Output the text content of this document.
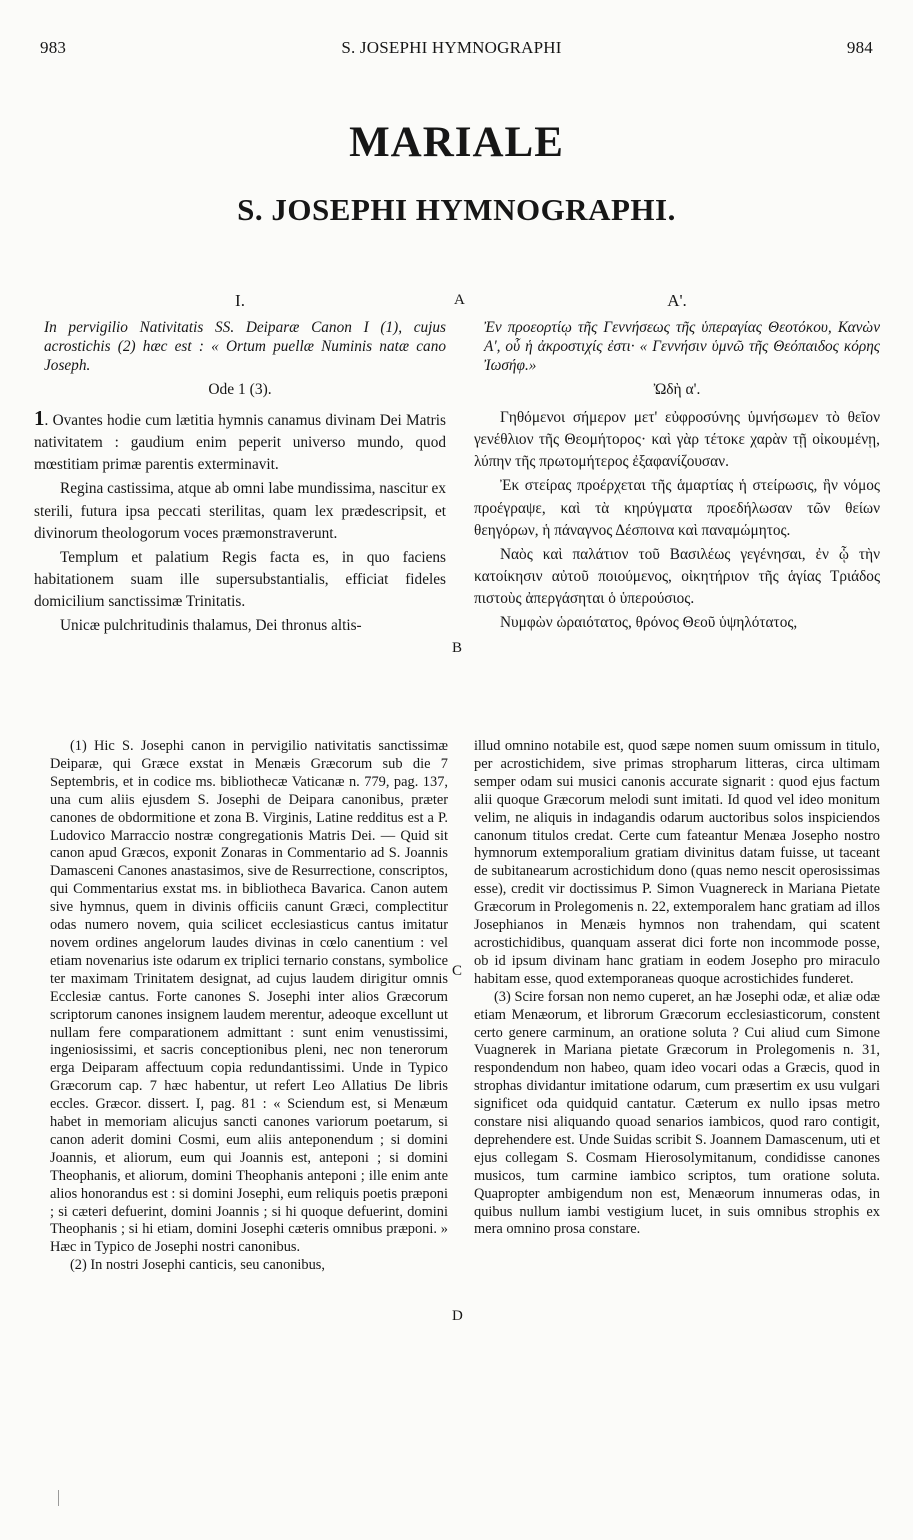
983	S. JOSEPHI HYMNOGRAPHI	984
MARIALE
S. JOSEPHI HYMNOGRAPHI.
A
B
C
D
I.
In pervigilio Nativitatis SS. Deiparæ Canon I (1), cujus acrostichis (2) hæc est : « Ortum puellæ Numinis natæ cano Joseph.
Ode 1 (3).

1. Ovantes hodie cum lætitia hymnis canamus divinam Dei Matris nativitatem : gaudium enim peperit universo mundo, quod mœstitiam primæ parentis exterminavit.

Regina castissima, atque ab omni labe mundissima, nascitur ex sterili, futura ipsa peccati sterilitas, quam lex prædescripsit, et divinorum theologorum voces præmonstraverunt.

Templum et palatium Regis facta es, in quo faciens habitationem suam ille supersubstantialis, efficiat fideles domicilium sanctissimæ Trinitatis.

Unicæ pulchritudinis thalamus, Dei thronus altis-

Α'.
Ἐν προεορτίῳ τῆς Γεννήσεως τῆς ὑπεραγίας Θεοτόκου, Κανὼν Α', οὗ ἡ ἀκροστιχίς ἐστι· « Γεννήσιν ὑμνῶ τῆς Θεόπαιδος κόρης Ἰωσήφ.»
Ὠδὴ α'.

Γηθόμενοι σήμερον μετ' εὐφροσύνης ὑμνήσωμεν τὸ θεῖον γενέθλιον τῆς Θεομήτορος· καὶ γὰρ τέτοκε χαρὰν τῇ οἰκουμένῃ, λύπην τῆς πρωτομήτερος ἐξαφανίζουσαν.

Ἐκ στείρας προέρχεται τῆς ἁμαρτίας ἡ στείρωσις, ἣν νόμος προέγραψε, καὶ τὰ κηρύγματα προεδήλωσαν τῶν θείων θεηγόρων, ἡ πάναγνος Δέσποινα καὶ παναμώμητος.

Ναὸς καὶ παλάτιον τοῦ Βασιλέως γεγένησαι, ἐν ᾧ τὴν κατοίκησιν αὐτοῦ ποιούμενος, οἰκητήριον τῆς ἁγίας Τριάδος πιστοὺς ἀπεργάσηται ὁ ὑπερούσιος.

Νυμφὼν ὡραιότατος, θρόνος Θεοῦ ὑψηλότατος,

(1) Hic S. Josephi canon in pervigilio nativitatis sanctissimæ Deiparæ, qui Græce exstat in Menæis Græcorum sub die 7 Septembris, et in codice ms. bibliothecæ Vaticanæ n. 779, pag. 137, una cum aliis ejusdem S. Josephi de Deipara canonibus, præter canones de obdormitione et zona B. Virginis, Latine redditus est a P. Ludovico Marraccio nostræ congregationis Matris Dei. — Quid sit canon apud Græcos, exponit Zonaras in Commentario ad S. Joannis Damasceni Canones anastasimos, sive de Resurrectione, conscriptos, qui Commentarius exstat ms. in bibliotheca Bavarica. Canon autem sive hymnus, quem in divinis officiis canunt Græci, complectitur odas numero novem, quia scilicet ecclesiasticus cantus imitatur novem ordines angelorum laudes divinas in cœlo canentium : vel etiam novenarius iste odarum ex triplici ternario constans, symbolice ter maximam Trinitatem designat, ad cujus laudem dirigitur omnis Ecclesiæ cantus. Forte canones S. Josephi inter alios Græcorum scriptorum canones insignem laudem merentur, adeoque excellunt ut nullam fere comparationem admittant : sunt enim venustissimi, ingeniosissimi, et sacris conceptionibus pleni, nec non tenerorum erga Deiparam affectuum copia redundantissimi. Unde in Typico Græcorum cap. 7 hæc habentur, ut refert Leo Allatius De libris eccles. Græcor. dissert. I, pag. 81 : « Sciendum est, si Menæum habet in memoriam alicujus sancti canones variorum poetarum, si canon aderit domini Cosmi, eum aliis anteponendum ; si domini Joannis, et aliorum, eum qui Joannis est, anteponi ; si domini Theophanis, et aliorum, domini Theophanis anteponi ; ille enim ante alios honorandus est : si domini Josephi, eum reliquis poetis præponi ; si cæteri defuerint, domini Joannis ; si hi quoque defuerint, domini Theophanis ; si hi etiam, domini Josephi cæteris omnibus præponi. » Hæc in Typico de Josephi nostri canonibus.

(2) In nostri Josephi canticis, seu canonibus,

illud omnino notabile est, quod sæpe nomen suum omissum in titulo, per acrostichidem, sive primas stropharum litteras, circa ultimam semper odam sui musici canonis accurate signarit : quod ejus factum alii quoque Græcorum melodi sunt imitati. Id quod vel ideo monitum velim, ne aliquis in indagandis odarum auctoribus solos inspiciendos canonum titulos credat. Certe cum fateantur Menæa Josepho nostro hymnorum extemporalium gratiam divinitus datam fuisse, ut taceant de subitanearum acrostichidum dono (quas nemo nescit operosissimas esse), credit vir doctissimus P. Simon Vuagnereck in Mariana Pietate Græcorum in Prolegomenis n. 22, extemporalem hanc gratiam ad illos Josephianos in Menæis hymnos non trahendam, qui scatent acrostichidibus, quanquam asserat dici forte non incommode posse, ob id ipsum divinam hanc gratiam in eodem Josepho pro miraculo habitam esse, quod extemporaneas quoque acrostichides funderet.

(3) Scire forsan non nemo cuperet, an hæ Josephi odæ, et aliæ odæ etiam Menæorum, et librorum Græcorum ecclesiasticorum, constent certo genere carminum, an oratione soluta ? Cui aliud cum Simone Vuagnerek in Mariana pietate Græcorum in Prolegomenis n. 31, respondendum non habeo, quam ideo vocari odas a Græcis, quod in strophas dividantur imitatione odarum, cum præsertim ex usu vulgari significet oda quidquid cantatur. Cæterum ex nullo ipsas metro constare nisi aliquando quoad senarios iambicos, quod raro contigit, deprehendere est. Unde Suidas scribit S. Joannem Damascenum, uti et ejus collegam S. Cosmam Hierosolymitanum, condidisse canones musicos, tum carmine iambico scriptos, tum oratione soluta. Quapropter ambigendum non est, Menæorum innumeras odas, in quibus nullum iambi vestigium lucet, in suis omnibus strophis ex mera omnino prosa constare.
